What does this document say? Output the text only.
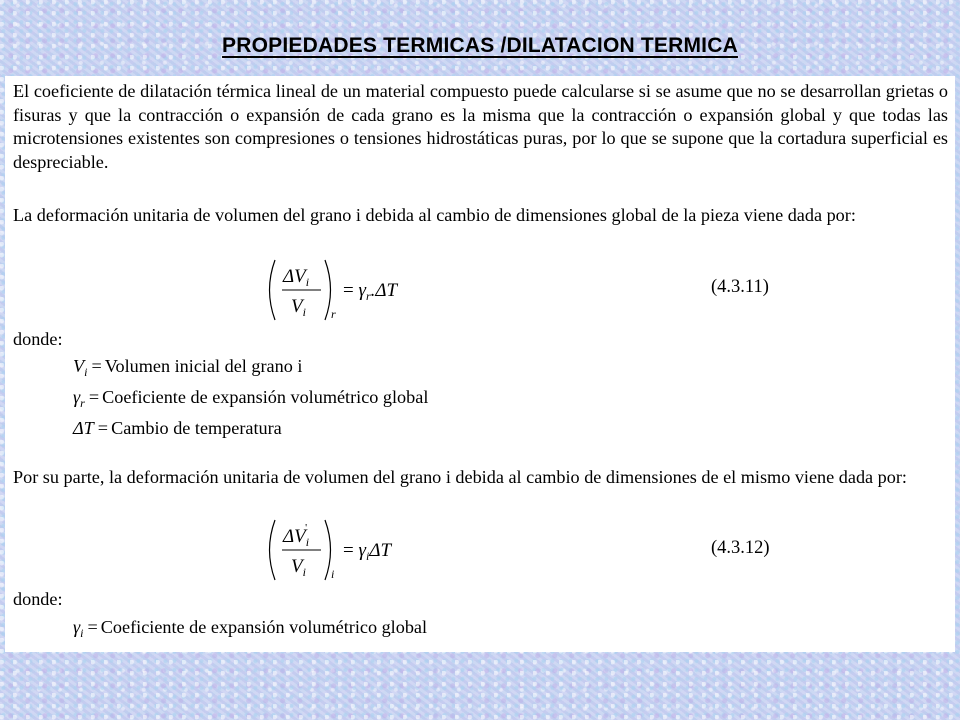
PROPIEDADES TERMICAS /DILATACION TERMICA

El coeficiente de dilatación térmica lineal de un material compuesto puede calcularse si se asume que no se desarrollan grietas o fisuras y que la contracción o expansión de cada grano es la misma que la contracción o expansión global y que todas las microtensiones existentes son compresiones o tensiones hidrostáticas puras, por lo que se supone que la cortadura superficial es despreciable.

La deformación unitaria de volumen del grano i debida al cambio de dimensiones global de la pieza viene dada por:

$\Delta V_i$
$V_i$ r
= $\gamma_r.\Delta T$	(4.3.11)

donde:

$V_i$ = Volumen inicial del grano i
$\gamma_r$ = Coeficiente de expansión volumétrico global
ΔT = Cambio de temperatura

Por su parte, la deformación unitaria de volumen del grano i debida al cambio de dimensiones de el mismo viene dada por:

$\Delta V_i'$
$V_i$ i
= $\gamma_i\Delta T$	(4.3.12)

donde:

$\gamma_i$ = Coeficiente de expansión volumétrico global
